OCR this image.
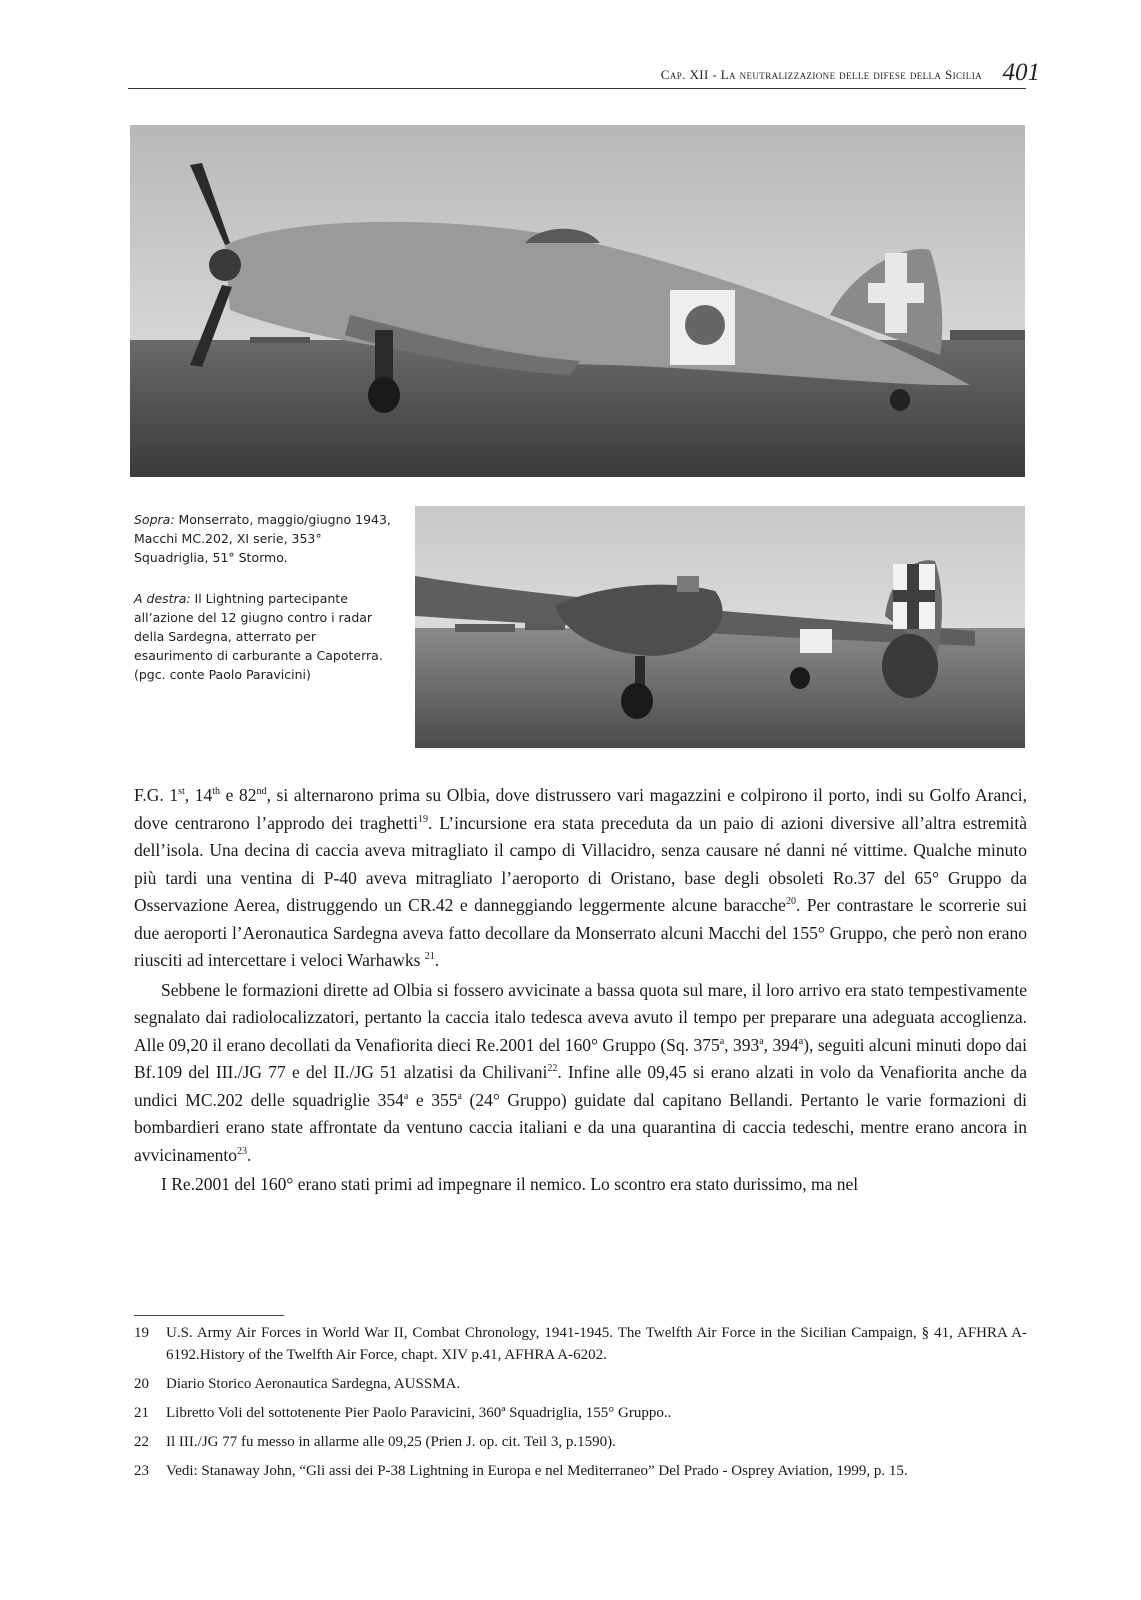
Cap. XII - La neutralizzazione delle difese della Sicilia 401

Sopra: Monserrato, maggio/giugno 1943, Macchi MC.202, XI serie, 353° Squadriglia, 51° Stormo.

A destra: Il Lightning partecipante all’azione del 12 giugno contro i radar della Sardegna, atterrato per esaurimento di carburante a Capoterra.

(pgc. conte Paolo Paravicini)

F.G. 1st, 14th e 82nd, si alternarono prima su Olbia, dove distrussero vari magazzini e colpirono il porto, indi su Golfo Aranci, dove centrarono l’approdo dei traghetti$^{19}$. L’incursione era stata preceduta da un paio di azioni diversive all’altra estremità dell’isola. Una decina di caccia aveva mitragliato il campo di Villacidro, senza causare né danni né vittime. Qualche minuto più tardi una ventina di P-40 aveva mitragliato l’aeroporto di Oristano, base degli obsoleti Ro.37 del 65° Gruppo da Osservazione Aerea, distruggendo un CR.42 e danneggiando leggermente alcune baracche$^{20}$. Per contrastare le scorrerie sui due aeroporti l’Aeronautica Sardegna aveva fatto decollare da Monserrato alcuni Macchi del 155° Gruppo, che però non erano riusciti ad intercettare i veloci Warhawks $^{21}$.

Sebbene le formazioni dirette ad Olbia si fossero avvicinate a bassa quota sul mare, il loro arrivo era stato tempestivamente segnalato dai radiolocalizzatori, pertanto la caccia italo tedesca aveva avuto il tempo per preparare una adeguata accoglienza. Alle 09,20 il erano decollati da Venafiorita dieci Re.2001 del 160° Gruppo (Sq. 375$^a$, 393$^a$, 394$^a$), seguiti alcuni minuti dopo dai Bf.109 del III./JG 77 e del II./JG 51 alzatisi da Chilivani$^{22}$. Infine alle 09,45 si erano alzati in volo da Venafiorita anche da undici MC.202 delle squadriglie 354$^a$ e 355$^a$ (24° Gruppo) guidate dal capitano Bellandi. Pertanto le varie formazioni di bombardieri erano state affrontate da ventuno caccia italiani e da una quarantina di caccia tedeschi, mentre erano ancora in avvicinamento$^{23}$.

I Re.2001 del 160° erano stati primi ad impegnare il nemico. Lo scontro era stato durissimo, ma nel

19	U.S. Army Air Forces in World War II, Combat Chronology, 1941-1945. The Twelfth Air Force in the Sicilian Campaign, § 41, AFHRA A-6192.History of the Twelfth Air Force, chapt. XIV p.41, AFHRA A-6202.
20	Diario Storico Aeronautica Sardegna, AUSSMA.
21	Libretto Voli del sottotenente Pier Paolo Paravicini, 360ª Squadriglia, 155° Gruppo..
22	Il III./JG 77 fu messo in allarme alle 09,25 (Prien J. op. cit. Teil 3, p.1590).
23	Vedi: Stanaway John, “Gli assi dei P-38 Lightning in Europa e nel Mediterraneo” Del Prado - Osprey Aviation, 1999, p. 15.
